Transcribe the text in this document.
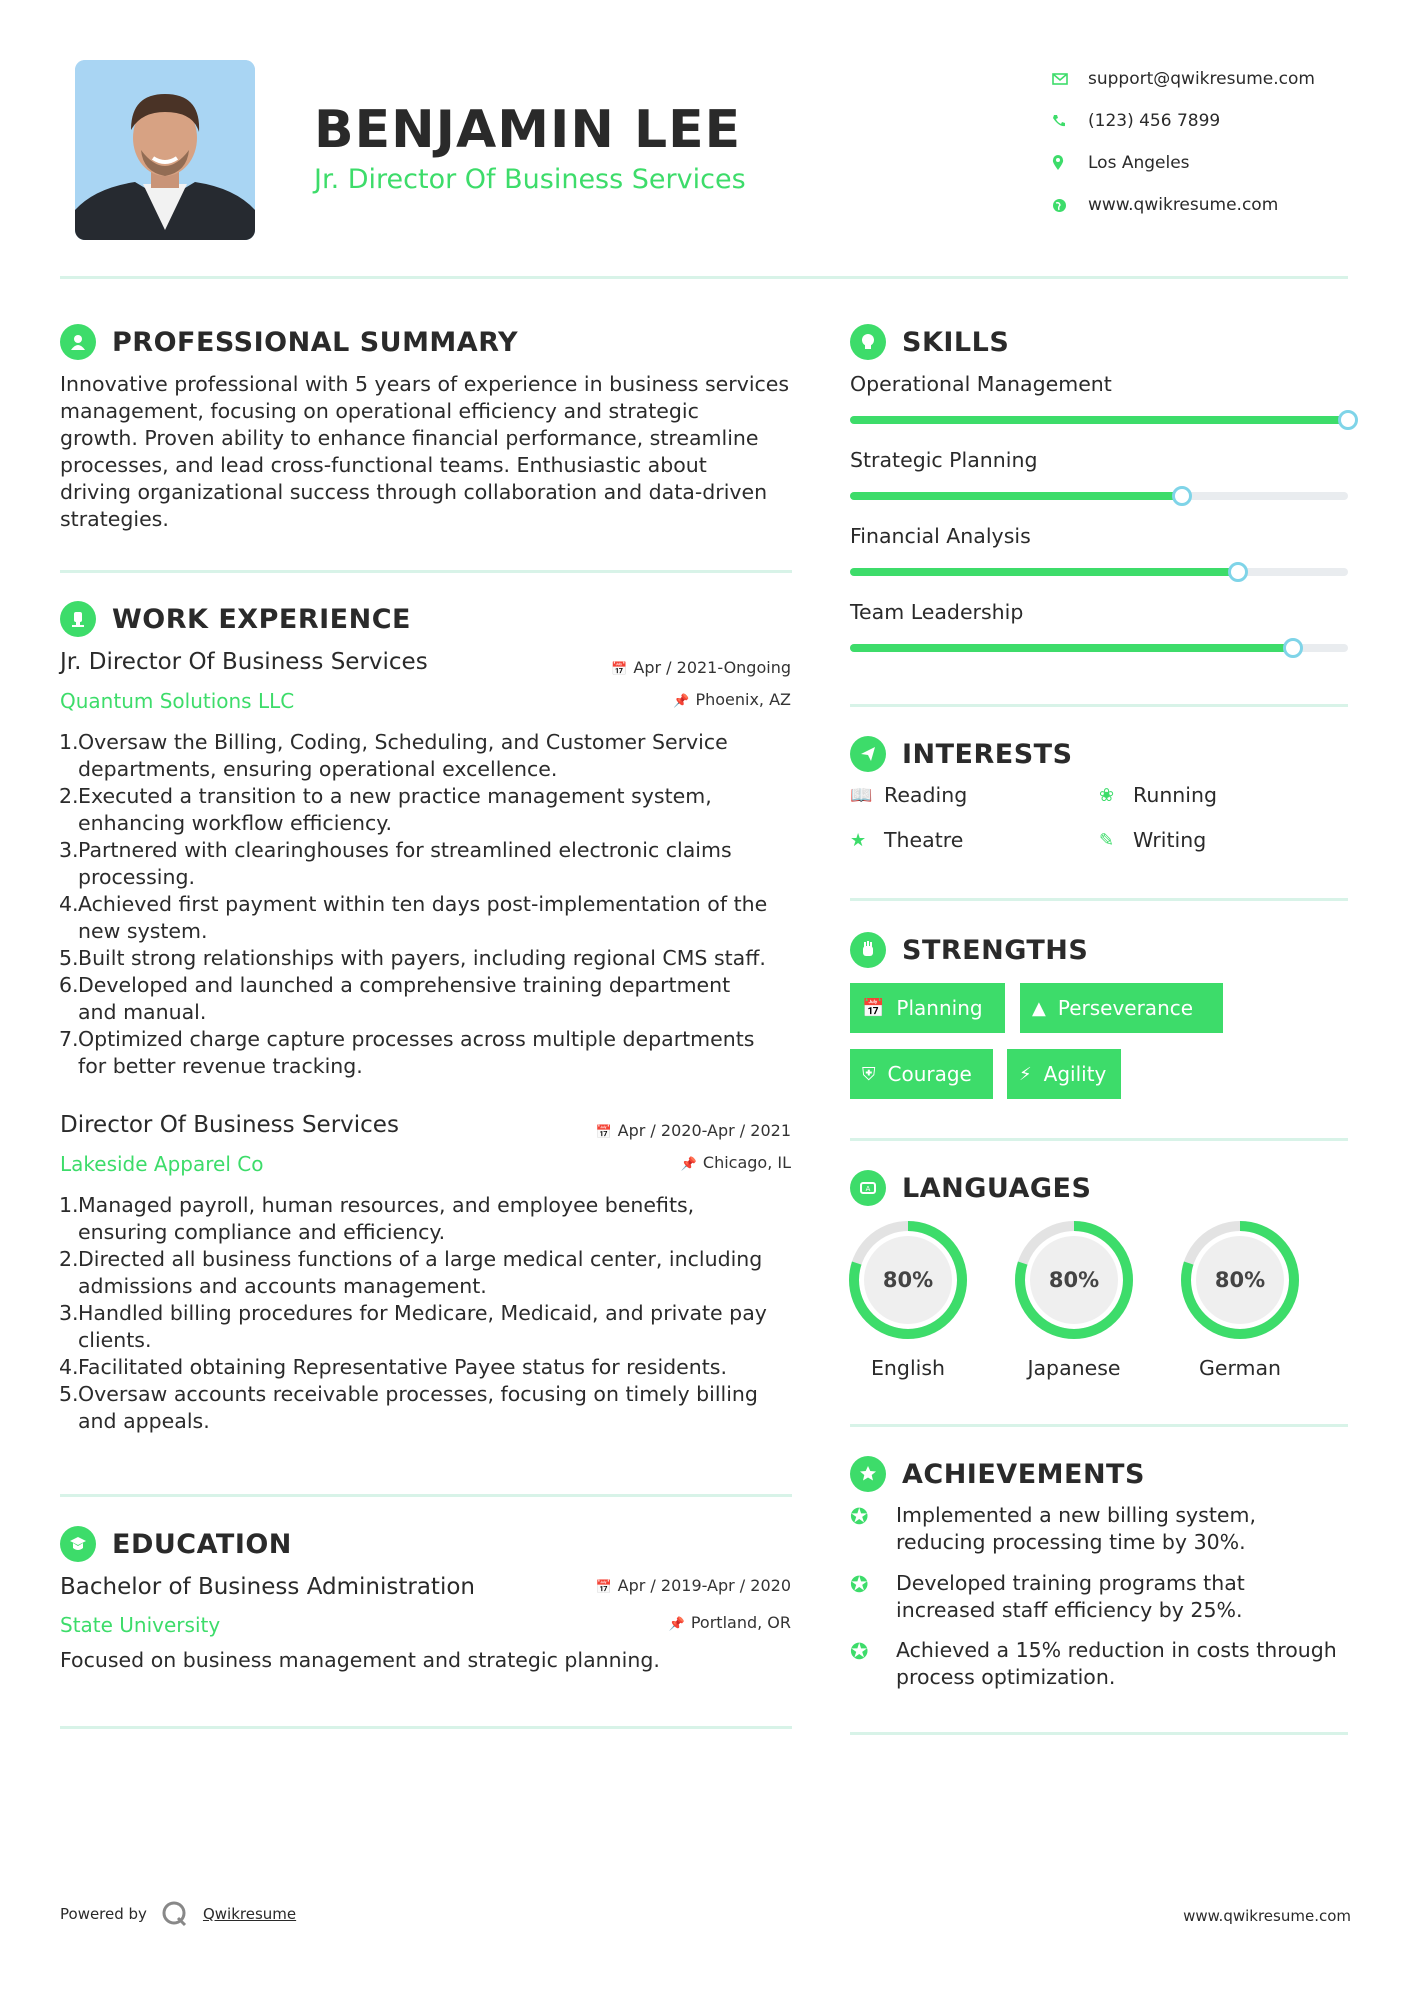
BENJAMIN LEE
Jr. Director Of Business Services
support@qwikresume.com
(123) 456 7899
Los Angeles
www.qwikresume.com
PROFESSIONAL SUMMARY
Innovative professional with 5 years of experience in business services
management, focusing on operational efficiency and strategic
growth. Proven ability to enhance financial performance, streamline
processes, and lead cross-functional teams. Enthusiastic about
driving organizational success through collaboration and data-driven
strategies.
WORK EXPERIENCE
Jr. Director Of Business Services
Quantum Solutions LLC
📅 Apr / 2021-Ongoing
📌 Phoenix, AZ
Oversaw the Billing, Coding, Scheduling, and Customer Service
departments, ensuring operational excellence.
Executed a transition to a new practice management system,
enhancing workflow efficiency.
Partnered with clearinghouses for streamlined electronic claims
processing.
Achieved first payment within ten days post-implementation of the
new system.
Built strong relationships with payers, including regional CMS staff.
Developed and launched a comprehensive training department
and manual.
Optimized charge capture processes across multiple departments
for better revenue tracking.
Director Of Business Services
Lakeside Apparel Co
📅 Apr / 2020-Apr / 2021
📌 Chicago, IL
Managed payroll, human resources, and employee benefits,
ensuring compliance and efficiency.
Directed all business functions of a large medical center, including
admissions and accounts management.
Handled billing procedures for Medicare, Medicaid, and private pay
clients.
Facilitated obtaining Representative Payee status for residents.
Oversaw accounts receivable processes, focusing on timely billing
and appeals.
EDUCATION
Bachelor of Business Administration
State University
📅 Apr / 2019-Apr / 2020
📌 Portland, OR
Focused on business management and strategic planning.
SKILLS
Operational Management
Strategic Planning
Financial Analysis
Team Leadership
INTERESTS
📖 Reading	❀ Running
★ Theatre	✎ Writing
STRENGTHS
📅 Planning	▲ Perseverance
⛨ Courage	⚡ Agility
A LANGUAGES
80%
English
80%
Japanese
80%
German
ACHIEVEMENTS
✪	Implemented a new billing system,
reducing processing time by 30%.
✪	Developed training programs that
increased staff efficiency by 25%.
✪	Achieved a 15% reduction in costs through
process optimization.
Powered by	Qwikresume	www.qwikresume.com
